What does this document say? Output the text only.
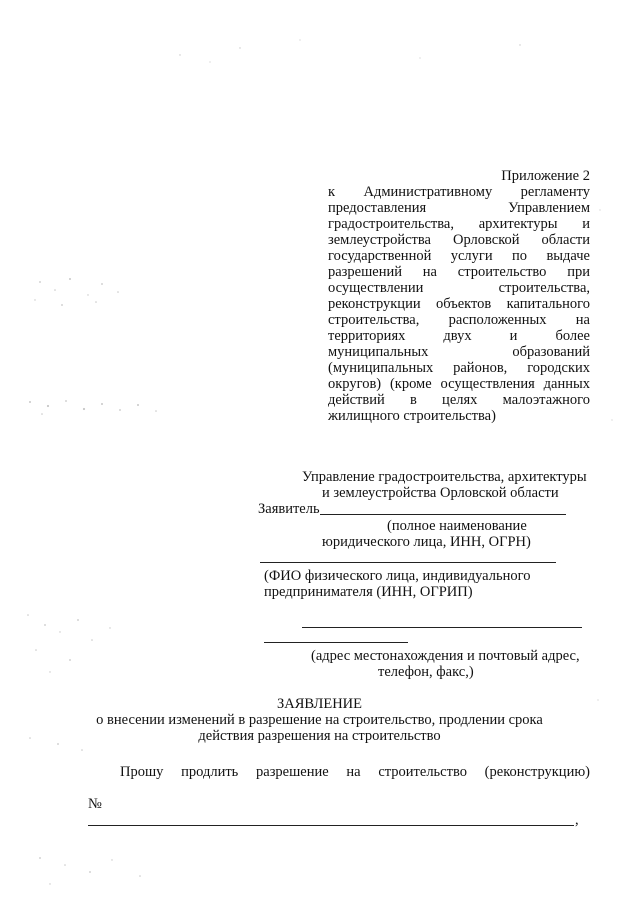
Приложение 2
к Административному регламенту
предоставления Управлением
градостроительства, архитектуры и
землеустройства Орловской области
государственной услуги по выдаче
разрешений на строительство при
осуществлении строительства,
реконструкции объектов капитального
строительства, расположенных на
территориях двух и более
муниципальных образований
(муниципальных районов, городских
округов) (кроме осуществления данных
действий в целях малоэтажного
жилищного строительства)
Управление градостроительства, архитектуры
и землеустройства Орловской области
Заявитель
(полное наименование
юридического лица, ИНН, ОГРН)
(ФИО физического лица, индивидуального
предпринимателя (ИНН, ОГРИП)
(адрес местонахождения и почтовый адрес,
телефон, факс,)
ЗАЯВЛЕНИЕ
о внесении изменений в разрешение на строительство, продлении срока
действия разрешения на строительство
Прошу продлить разрешение на строительство (реконструкцию)
№
,
